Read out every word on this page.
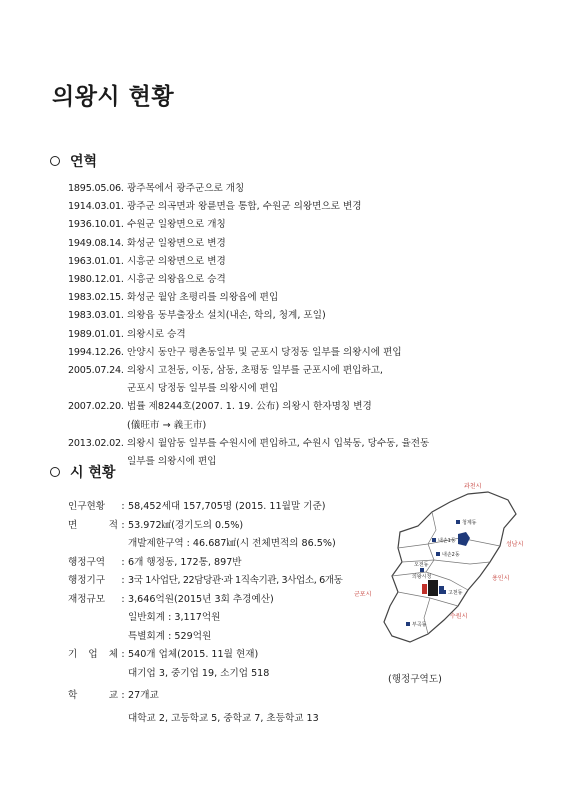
의왕시 현황
연혁
1895.05.06. 광주목에서 광주군으로 개칭
1914.03.01. 광주군 의곡면과 왕륜면을 통합, 수원군 의왕면으로 변경
1936.10.01. 수원군 일왕면으로 개칭
1949.08.14. 화성군 일왕면으로 변경
1963.01.01. 시흥군 의왕면으로 변경
1980.12.01. 시흥군 의왕읍으로 승격
1983.02.15. 화성군 월암 초평리를 의왕읍에 편입
1983.03.01. 의왕읍 동부출장소 설치(내손, 학의, 청계, 포일)
1989.01.01. 의왕시로 승격
1994.12.26. 안양시 동안구 평촌동일부 및 군포시 당정동 일부를 의왕시에 편입
2005.07.24. 의왕시 고천동, 이동, 삼동, 초평동 일부를 군포시에 편입하고,
군포시 당정동 일부를 의왕시에 편입
2007.02.20. 법률 제8244호(2007. 1. 19. 公布) 의왕시 한자명칭 변경
(儀旺市 → 義王市)
2013.02.02. 의왕시 월암동 일부를 수원시에 편입하고, 수원시 입북동, 당수동, 율전동
일부를 의왕시에 편입
시 현황
인구현황	: 58,452세대 157,705명 (2015. 11월말 기준)
면	적 : 53.972㎢(경기도의 0.5%)
개발제한구역 : 46.687㎢(시 전체면적의 86.5%)
행정구역	: 6개 행정동, 172통, 897반
행정기구	: 3국 1사업단, 22담당관·과 1직속기관, 3사업소, 6개동
재정규모	: 3,646억원(2015년 3회 추경예산)
일반회계 : 3,117억원
특별회계 : 529억원
기 업 체 : 540개 업체(2015. 11월 현재)
대기업 3, 중기업 19, 소기업 518
학	교 : 27개교
대학교 2, 고등학교 5, 중학교 7, 초등학교 13
과천시
성남시
용인시
군포시
수원시
청계동
내손1동
내손2동
오전동
고천동
부곡동
의왕시청
(행정구역도)
